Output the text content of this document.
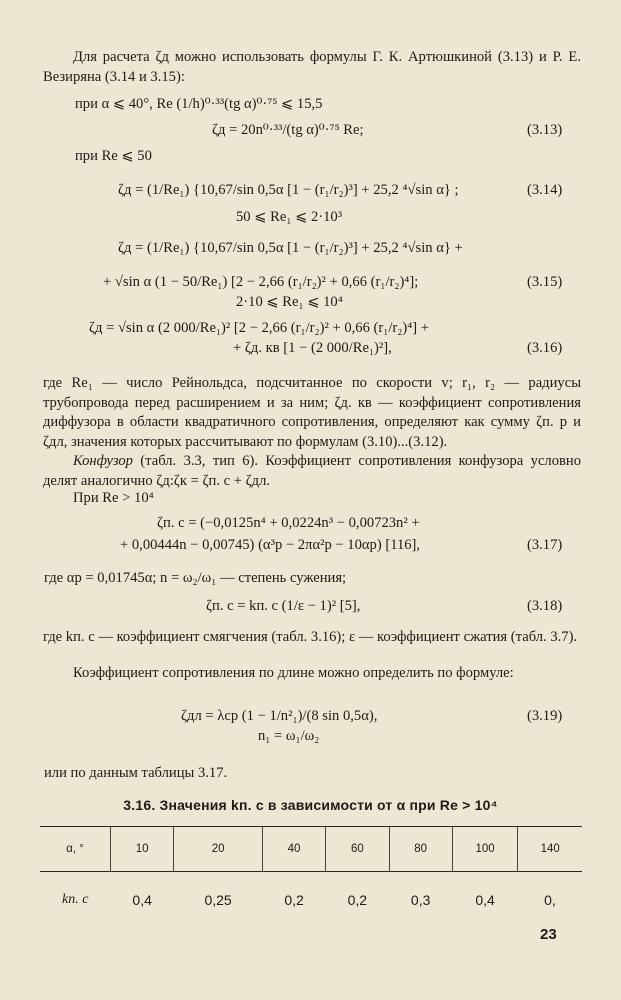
Для расчета ζд можно использовать формулы Г. К. Артюшкиной (3.13) и Р. Е. Везиряна (3.14 и 3.15):
при α ⩽ 40°, Re (1/h)⁰·³³(tg α)⁰·⁷⁵ ⩽ 15,5
ζд = 20n⁰·³³/(tg α)⁰·⁷⁵ Re;	(3.13)
при Re ⩽ 50
ζд = (1/Re₁) {10,67/sin 0,5α [1 − (r₁/r₂)³] + 25,2 ⁴√sin α} ;	(3.14)
50 ⩽ Re₁ ⩽ 2·10³
ζд = (1/Re₁) {10,67/sin 0,5α [1 − (r₁/r₂)³] + 25,2 ⁴√sin α} +
+ √sin α (1 − 50/Re₁) [2 − 2,66 (r₁/r₂)² + 0,66 (r₁/r₂)⁴];	(3.15)
2·10 ⩽ Re₁ ⩽ 10⁴
ζд = √sin α (2 000/Re₁)² [2 − 2,66 (r₁/r₂)² + 0,66 (r₁/r₂)⁴] +
+ ζд. кв [1 − (2 000/Re₁)²],	(3.16)
где Re₁ — число Рейнольдса, подсчитанное по скорости v; r₁, r₂ — радиусы трубопровода перед расширением и за ним; ζд. кв — коэффициент сопротивления диффузора в области квадратичного сопротивления, определяют как сумму ζп. р и ζдл, значения которых рассчитывают по формулам (3.10)...(3.12).
Конфузор (табл. 3.3, тип 6). Коэффициент сопротивления конфузора условно делят аналогично ζд:ζк = ζп. с + ζдл.
При Re > 10⁴
ζп. с = (−0,0125n⁴ + 0,0224n³ − 0,00723n² +
+ 0,00444n − 0,00745) (α³р − 2πα²р − 10αр) [116],	(3.17)
где αр = 0,01745α; n = ω₂/ω₁ — степень сужения;
ζп. с = kп. с (1/ε − 1)² [5],	(3.18)
где kп. с — коэффициент смягчения (табл. 3.16); ε — коэффициент сжатия (табл. 3.7).
Коэффициент сопротивления по длине можно определить по формуле:
ζдл = λср (1 − 1/n²₁)/(8 sin 0,5α),	(3.19)
n₁ = ω₁/ω₂
или по данным таблицы 3.17.
3.16. Значения kп. с в зависимости от α при Re > 10⁴
α, °	10	20	40	60	80	100	140
kп. с	0,4	0,25	0,2	0,2	0,3	0,4	0,
23
